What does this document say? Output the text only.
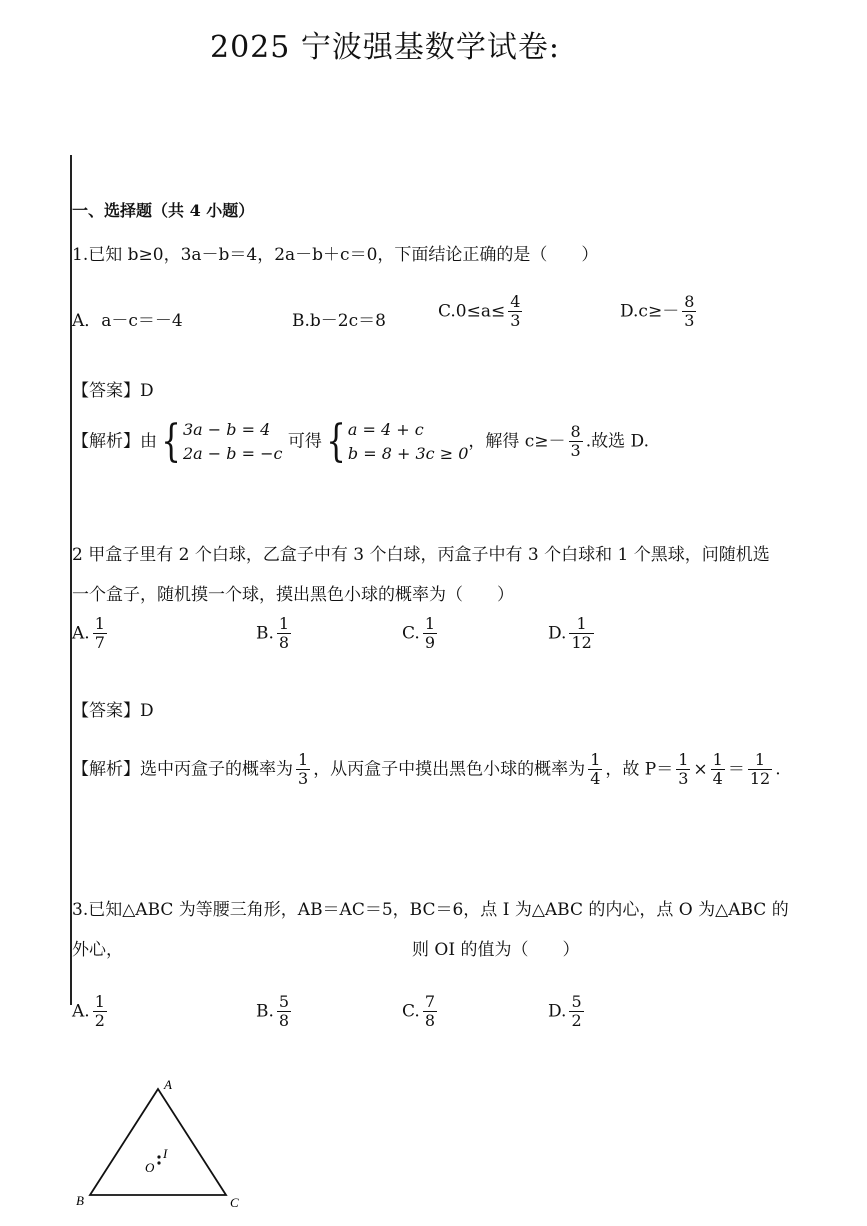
2025 宁波强基数学试卷:
一、选择题（共 4 小题）
1.已知 b≥0，3a－b＝4，2a－b＋c＝0，下面结论正确的是（　　）
A．a－c＝－4	B.b－2c＝8	$C.0\le a\le \frac{4}{3}$	$D.c\ge- \frac{8}{3}$
【答案】D
【解析】由{ 3a − b = 4
2a − b = −c
可得{ a = 4 + c
b = 8 + 3c ≥ 0
，解得 $c\ge- \frac{8}{3}$ .故选 D.
2 甲盒子里有 2 个白球，乙盒子中有 3 个白球，丙盒子中有 3 个白球和 1 个黑球，问随机选
一个盒子，随机摸一个球，摸出黑色小球的概率为（　　）
A. $\frac{1}{7}$	B. $\frac{1}{8}$	C. $\frac{1}{9}$	D. $\frac{1}{12}$
【答案】D
【解析】选中丙盒子的概率为 $\frac{1}{3}$ ，从丙盒子中摸出黑色小球的概率为 $\frac{1}{4}$ ，故 $P= \frac{1}{3} \times \frac{1}{4} = \frac{1}{12}$ .
3.已知△ABC 为等腰三角形，AB＝AC＝5，BC＝6，点 I 为△ABC 的内心，点 O 为△ABC 的
外心，	则 OI 的值为（　　）
A. $\frac{1}{2}$	B. $\frac{5}{8}$	C. $\frac{7}{8}$	D. $\frac{5}{2}$
A
B	C
O
I
